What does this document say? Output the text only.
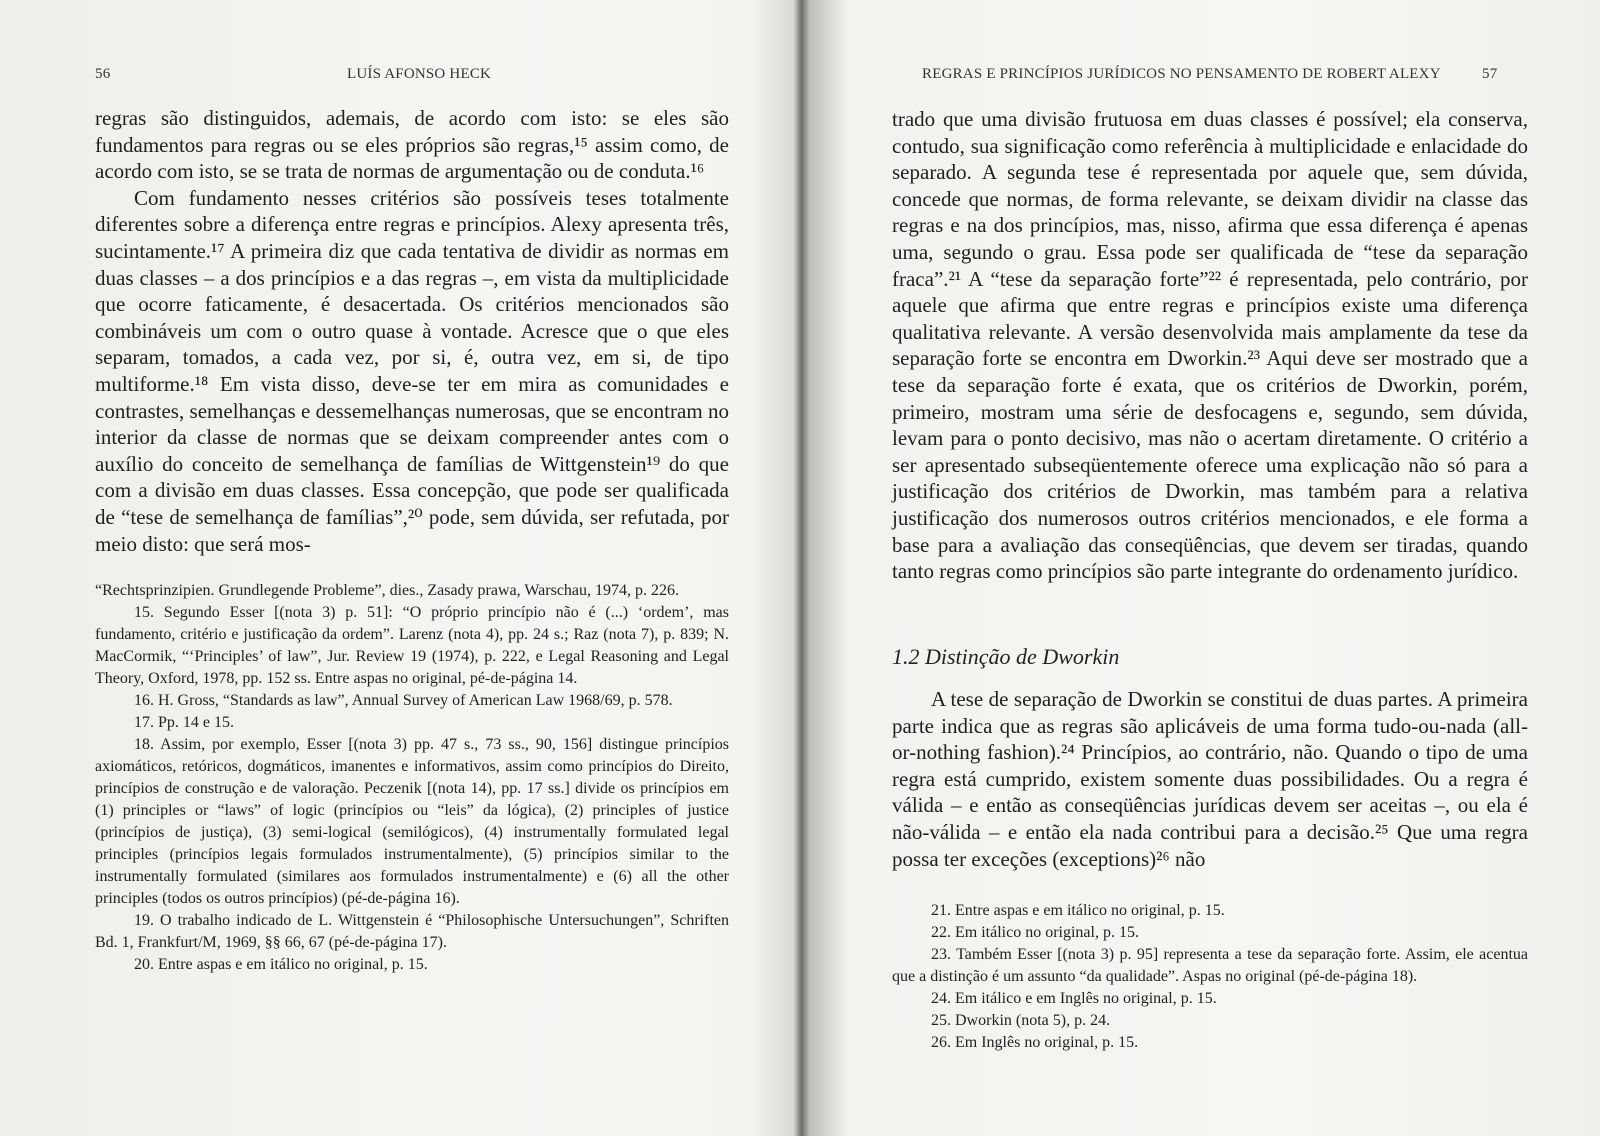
56	LUÍS AFONSO HECK

regras são distinguidos, ademais, de acordo com isto: se eles são fundamentos para regras ou se eles próprios são regras,¹⁵ assim como, de acordo com isto, se se trata de normas de argumentação ou de conduta.¹⁶

Com fundamento nesses critérios são possíveis teses totalmente diferentes sobre a diferença entre regras e princípios. Alexy apresenta três, sucintamente.¹⁷ A primeira diz que cada tentativa de dividir as normas em duas classes – a dos princípios e a das regras –, em vista da multiplicidade que ocorre faticamente, é desacertada. Os critérios mencionados são combináveis um com o outro quase à vontade. Acresce que o que eles separam, tomados, a cada vez, por si, é, outra vez, em si, de tipo multiforme.¹⁸ Em vista disso, deve-se ter em mira as comunidades e contrastes, semelhanças e dessemelhanças numerosas, que se encontram no interior da classe de normas que se deixam compreender antes com o auxílio do conceito de semelhança de famílias de Wittgenstein¹⁹ do que com a divisão em duas classes. Essa concepção, que pode ser qualificada de “tese de semelhança de famílias”,²⁰ pode, sem dúvida, ser refutada, por meio disto: que será mos-

“Rechtsprinzipien. Grundlegende Probleme”, dies., Zasady prawa, Warschau, 1974, p. 226.

15. Segundo Esser [(nota 3) p. 51]: “O próprio princípio não é (...) ‘ordem’, mas fundamento, critério e justificação da ordem”. Larenz (nota 4), pp. 24 s.; Raz (nota 7), p. 839; N. MacCormik, “‘Principles’ of law”, Jur. Review 19 (1974), p. 222, e Legal Reasoning and Legal Theory, Oxford, 1978, pp. 152 ss. Entre aspas no original, pé-de-página 14.

16. H. Gross, “Standards as law”, Annual Survey of American Law 1968/69, p. 578.

17. Pp. 14 e 15.

18. Assim, por exemplo, Esser [(nota 3) pp. 47 s., 73 ss., 90, 156] distingue princípios axiomáticos, retóricos, dogmáticos, imanentes e informativos, assim como princípios do Direito, princípios de construção e de valoração. Peczenik [(nota 14), pp. 17 ss.] divide os princípios em (1) principles or “laws” of logic (princípios ou “leis” da lógica), (2) principles of justice (princípios de justiça), (3) semi-logical (semilógicos), (4) instrumentally formulated legal principles (princípios legais formulados instrumentalmente), (5) princípios similar to the instrumentally formulated (similares aos formulados instrumentalmente) e (6) all the other principles (todos os outros princípios) (pé-de-página 16).

19. O trabalho indicado de L. Wittgenstein é “Philosophische Untersuchungen”, Schriften Bd. 1, Frankfurt/M, 1969, §§ 66, 67 (pé-de-página 17).

20. Entre aspas e em itálico no original, p. 15.

REGRAS E PRINCÍPIOS JURÍDICOS NO PENSAMENTO DE ROBERT ALEXY	57

trado que uma divisão frutuosa em duas classes é possível; ela conserva, contudo, sua significação como referência à multiplicidade e enlacidade do separado. A segunda tese é representada por aquele que, sem dúvida, concede que normas, de forma relevante, se deixam dividir na classe das regras e na dos princípios, mas, nisso, afirma que essa diferença é apenas uma, segundo o grau. Essa pode ser qualificada de “tese da separação fraca”.²¹ A “tese da separação forte”²² é representada, pelo contrário, por aquele que afirma que entre regras e princípios existe uma diferença qualitativa relevante. A versão desenvolvida mais amplamente da tese da separação forte se encontra em Dworkin.²³ Aqui deve ser mostrado que a tese da separação forte é exata, que os critérios de Dworkin, porém, primeiro, mostram uma série de desfocagens e, segundo, sem dúvida, levam para o ponto decisivo, mas não o acertam diretamente. O critério a ser apresentado subseqüentemente oferece uma explicação não só para a justificação dos critérios de Dworkin, mas também para a relativa justificação dos numerosos outros critérios mencionados, e ele forma a base para a avaliação das conseqüências, que devem ser tiradas, quando tanto regras como princípios são parte integrante do ordenamento jurídico.

1.2 Distinção de Dworkin

A tese de separação de Dworkin se constitui de duas partes. A primeira parte indica que as regras são aplicáveis de uma forma tudo-ou-nada (all-or-nothing fashion).²⁴ Princípios, ao contrário, não. Quando o tipo de uma regra está cumprido, existem somente duas possibilidades. Ou a regra é válida – e então as conseqüências jurídicas devem ser aceitas –, ou ela é não-válida – e então ela nada contribui para a decisão.²⁵ Que uma regra possa ter exceções (exceptions)²⁶ não

21. Entre aspas e em itálico no original, p. 15.

22. Em itálico no original, p. 15.

23. Também Esser [(nota 3) p. 95] representa a tese da separação forte. Assim, ele acentua que a distinção é um assunto “da qualidade”. Aspas no original (pé-de-página 18).

24. Em itálico e em Inglês no original, p. 15.

25. Dworkin (nota 5), p. 24.

26. Em Inglês no original, p. 15.
